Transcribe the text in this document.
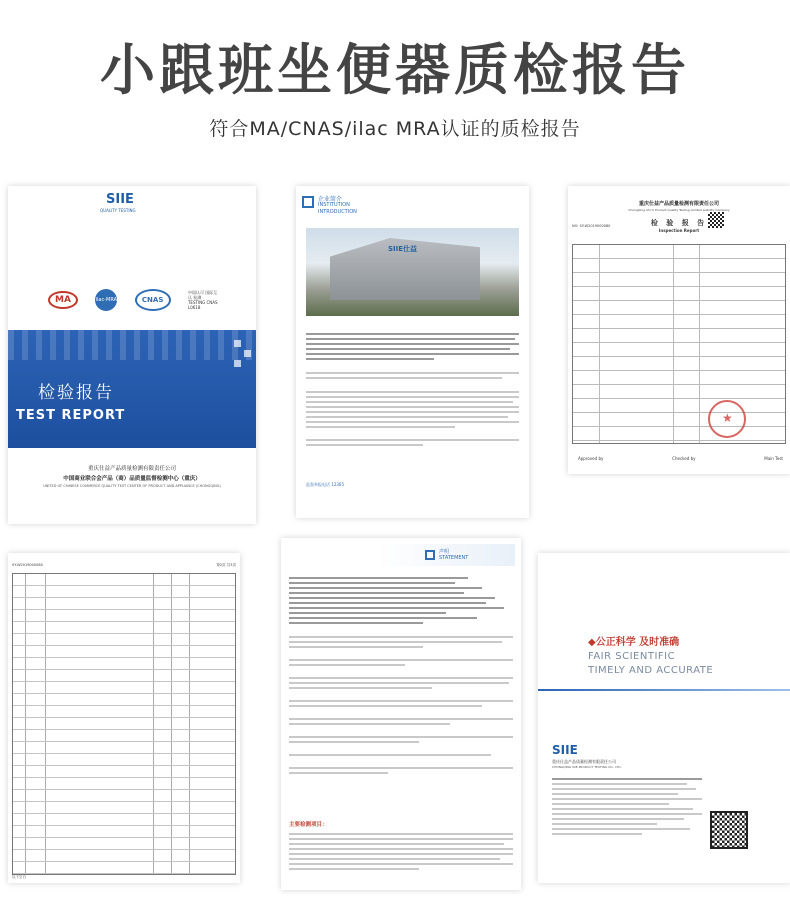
小跟班坐便器质检报告
符合MA/CNAS/ilac MRA认证的质检报告
SIIE
QUALITY TESTING
MA	ilac-MRA	CNAS
中国认可 国际互认 检测 TESTING CNAS L0618
检验报告
TEST REPORT
重庆仕益产品质量检测有限责任公司
中国商业联合会产品（商）品质量监督检测中心（重庆）
UNITED OF CHINESE COMMERCE QUALITY TEST CENTER OF PRODUCT AND APPLIANCE (CHONGQING)
企业简介
INSTITUTION
INTRODUCTION
SIIE仕益
监督举报电话 12365
重庆仕益产品质量检测有限责任公司
ChongQing Shi Yi Product Quality Testing Limited Liability Company
检 验 报 告
NO: SY-W2019000080
Inspection Report
★
Approved by	Checked by	Main Test
SY-W2019000080	第2页 共3页
以下空白
声明
STATEMENT
主要检测项目：
◆公正科学 及时准确
FAIR SCIENTIFIC
TIMELY AND ACCURATE
SIIE
重庆仕益产品质量检测有限责任公司
CHONGQING SIIE PRODUCT TESTING CO., LTD.
